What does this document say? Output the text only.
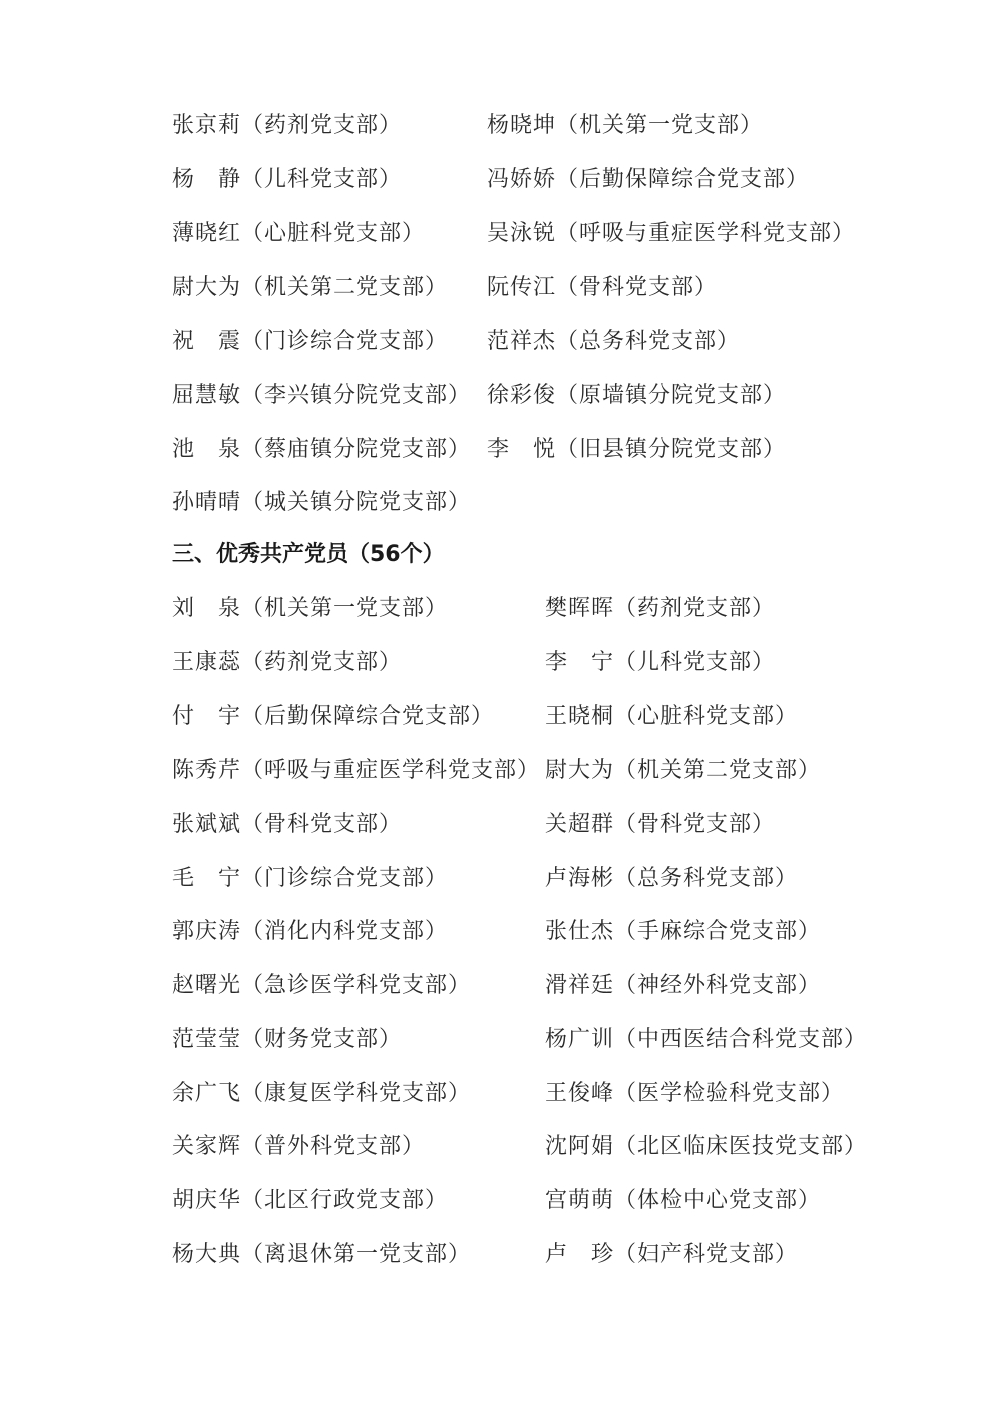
张京莉（药剂党支部）	杨晓坤（机关第一党支部）
杨　静（儿科党支部）	冯娇娇（后勤保障综合党支部）
薄晓红（心脏科党支部）	吴泳锐（呼吸与重症医学科党支部）
尉大为（机关第二党支部） 阮传江（骨科党支部）
祝　震（门诊综合党支部） 范祥杰（总务科党支部）
屈慧敏（李兴镇分院党支部） 徐彩俊（原墙镇分院党支部）
池　泉（蔡庙镇分院党支部） 李　悦（旧县镇分院党支部）
孙晴晴（城关镇分院党支部）
三、优秀共产党员（56个）
刘　泉（机关第一党支部）	樊晖晖（药剂党支部）
王康蕊（药剂党支部）	李　宁（儿科党支部）
付　宇（后勤保障综合党支部） 王晓桐（心脏科党支部）
陈秀芹（呼吸与重症医学科党支部） 尉大为（机关第二党支部）
张斌斌（骨科党支部）	关超群（骨科党支部）
毛　宁（门诊综合党支部）	卢海彬（总务科党支部）
郭庆涛（消化内科党支部）	张仕杰（手麻综合党支部）
赵曙光（急诊医学科党支部）	滑祥廷（神经外科党支部）
范莹莹（财务党支部）	杨广训（中西医结合科党支部）
余广飞（康复医学科党支部）	王俊峰（医学检验科党支部）
关家辉（普外科党支部）	沈阿娟（北区临床医技党支部）
胡庆华（北区行政党支部）	宫萌萌（体检中心党支部）
杨大典（离退休第一党支部）	卢　珍（妇产科党支部）
